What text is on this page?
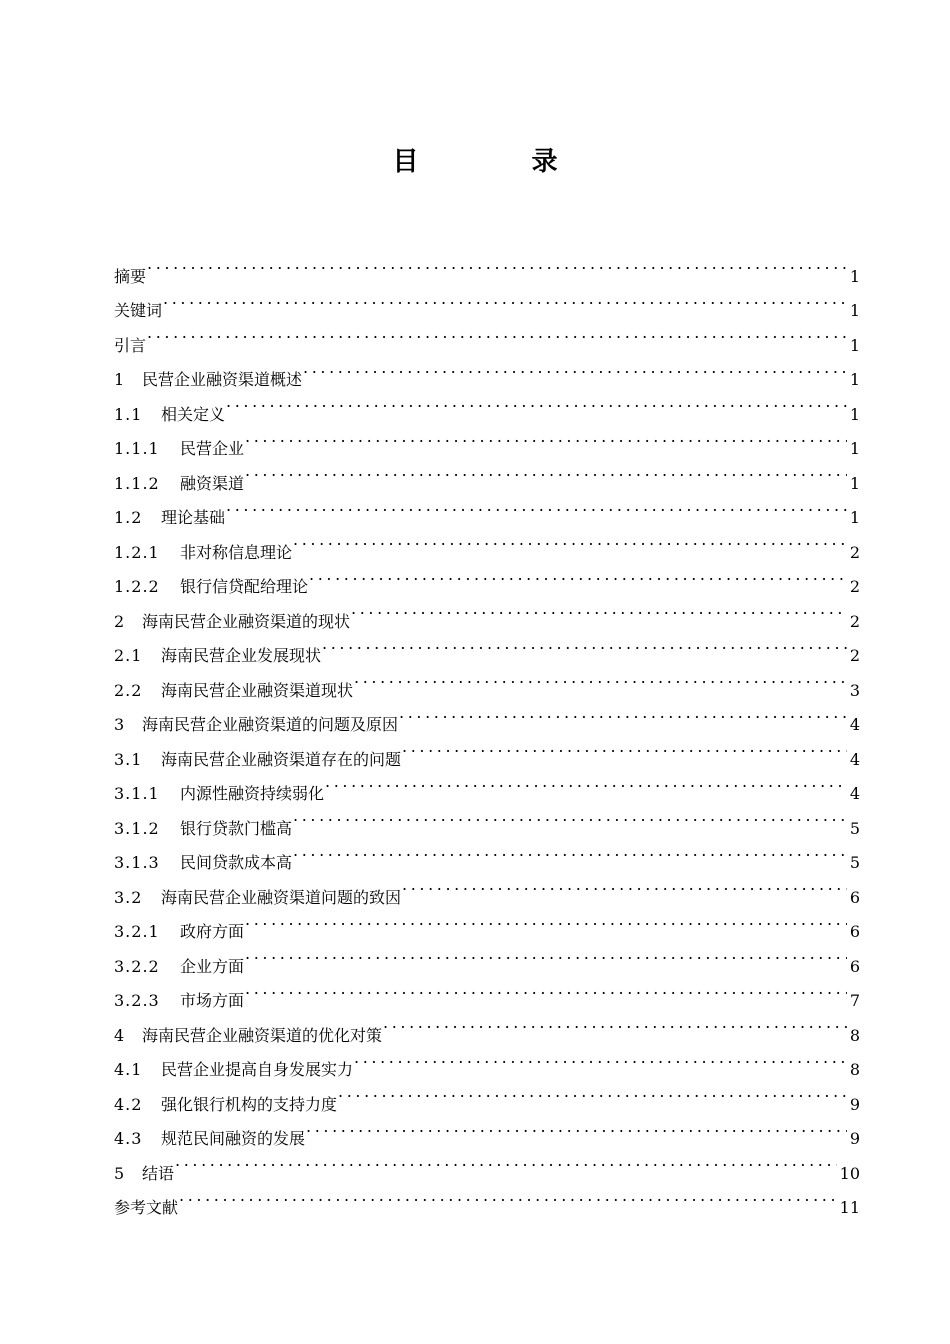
目 录
摘要 .....	1
关键词 .....	1
引言 .....	1
1	民营企业融资渠道概述 .....	1
1.1	相关定义 .....	1
1.1.1	民营企业 .....	1
1.1.2	融资渠道 .....	1
1.2	理论基础 .....	1
1.2.1	非对称信息理论 .....	2
1.2.2	银行信贷配给理论 .....	2
2	海南民营企业融资渠道的现状 .....	2
2.1	海南民营企业发展现状 .....	2
2.2	海南民营企业融资渠道现状 .....	3
3	海南民营企业融资渠道的问题及原因 .....	4
3.1	海南民营企业融资渠道存在的问题 .....	4
3.1.1	内源性融资持续弱化 .....	4
3.1.2	银行贷款门槛高 .....	5
3.1.3	民间贷款成本高 .....	5
3.2	海南民营企业融资渠道问题的致因 .....	6
3.2.1	政府方面 .....	6
3.2.2	企业方面 .....	6
3.2.3	市场方面 .....	7
4	海南民营企业融资渠道的优化对策 .....	8
4.1	民营企业提高自身发展实力 .....	8
4.2	强化银行机构的支持力度 .....	9
4.3	规范民间融资的发展 .....	9
5	结语 .....	10
参考文献 .....	11
